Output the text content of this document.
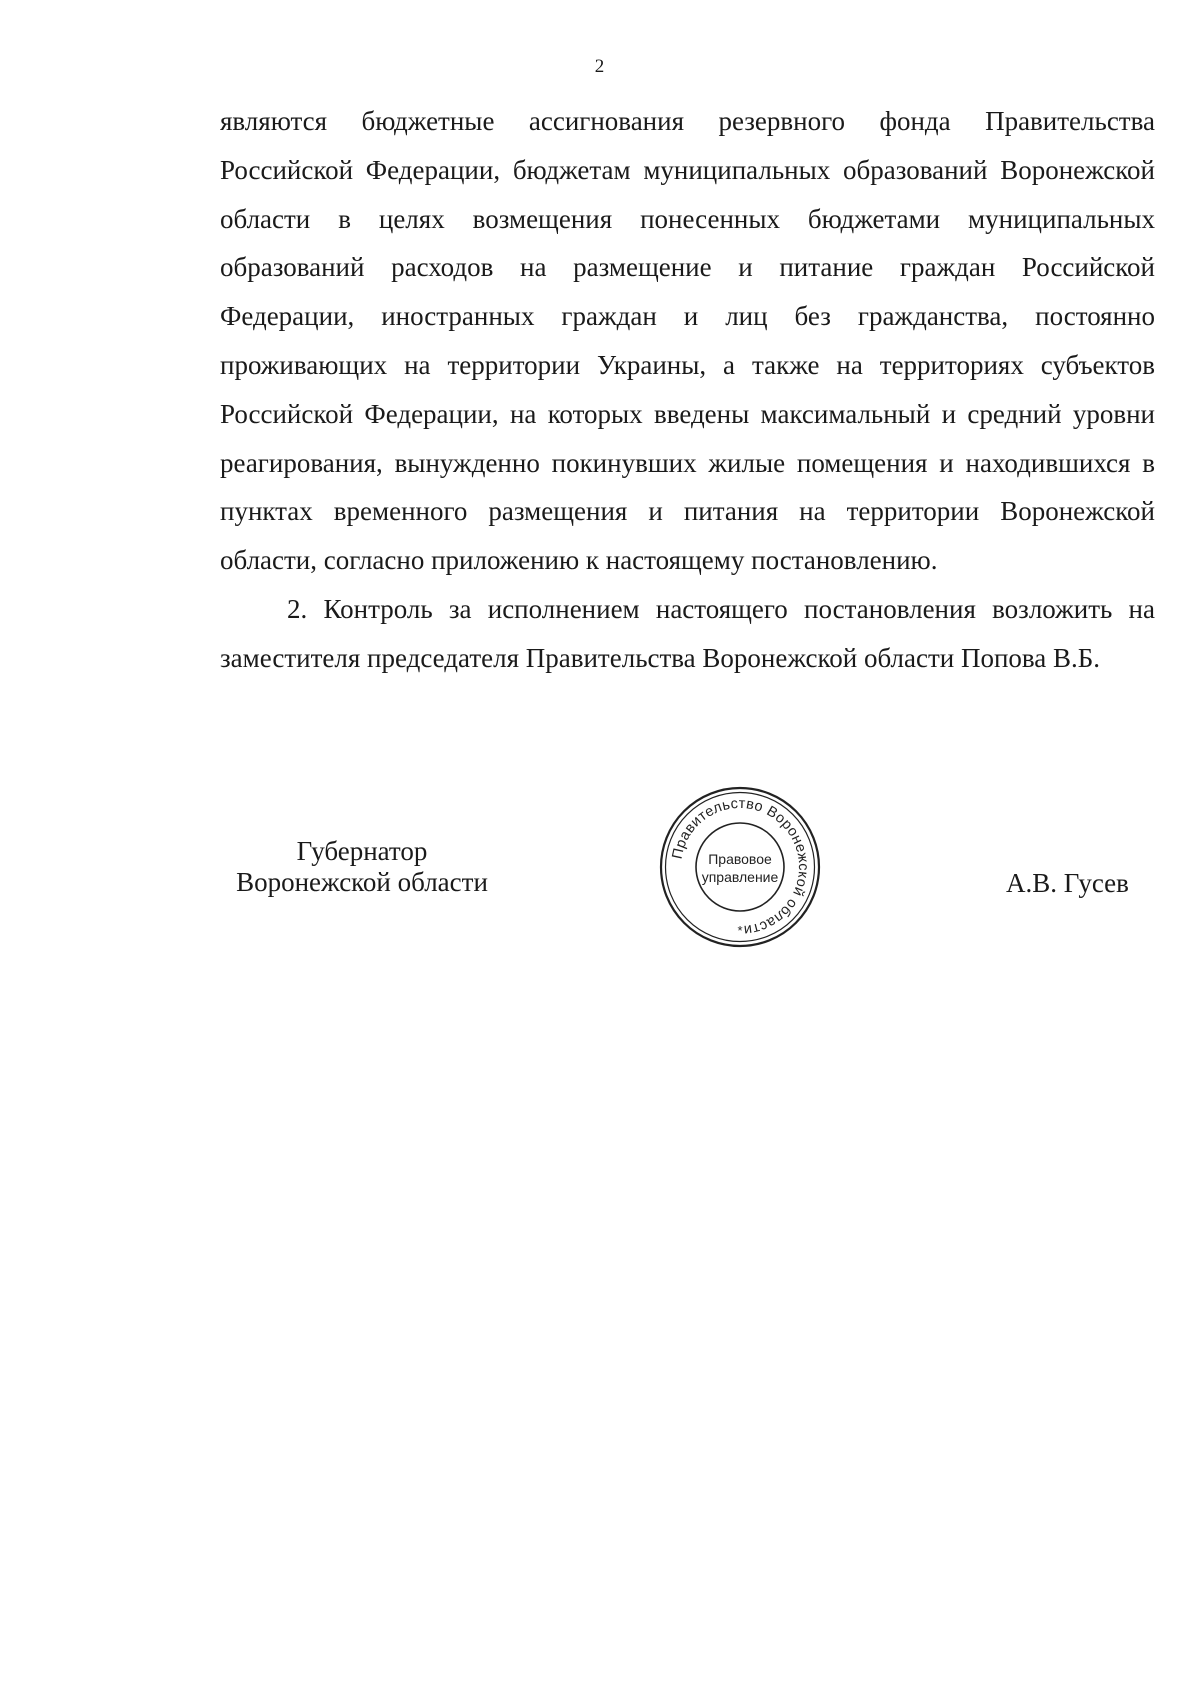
2

являются бюджетные ассигнования резервного фонда Правительства Российской Федерации, бюджетам муниципальных образований Воронежской области в целях возмещения понесенных бюджетами муниципальных образований расходов на размещение и питание граждан Российской Федерации, иностранных граждан и лиц без гражданства, постоянно проживающих на территории Украины, а также на территориях субъектов Российской Федерации, на которых введены максимальный и средний уровни реагирования, вынужденно покинувших жилые помещения и находившихся в пунктах временного размещения и питания на территории Воронежской области, согласно приложению к настоящему постановлению.

2. Контроль за исполнением настоящего постановления возложить на заместителя председателя Правительства Воронежской области Попова В.Б.

Губернатор
Воронежской области
Правительство Воронежской области
Правовое
управление
*
А.В. Гусев
